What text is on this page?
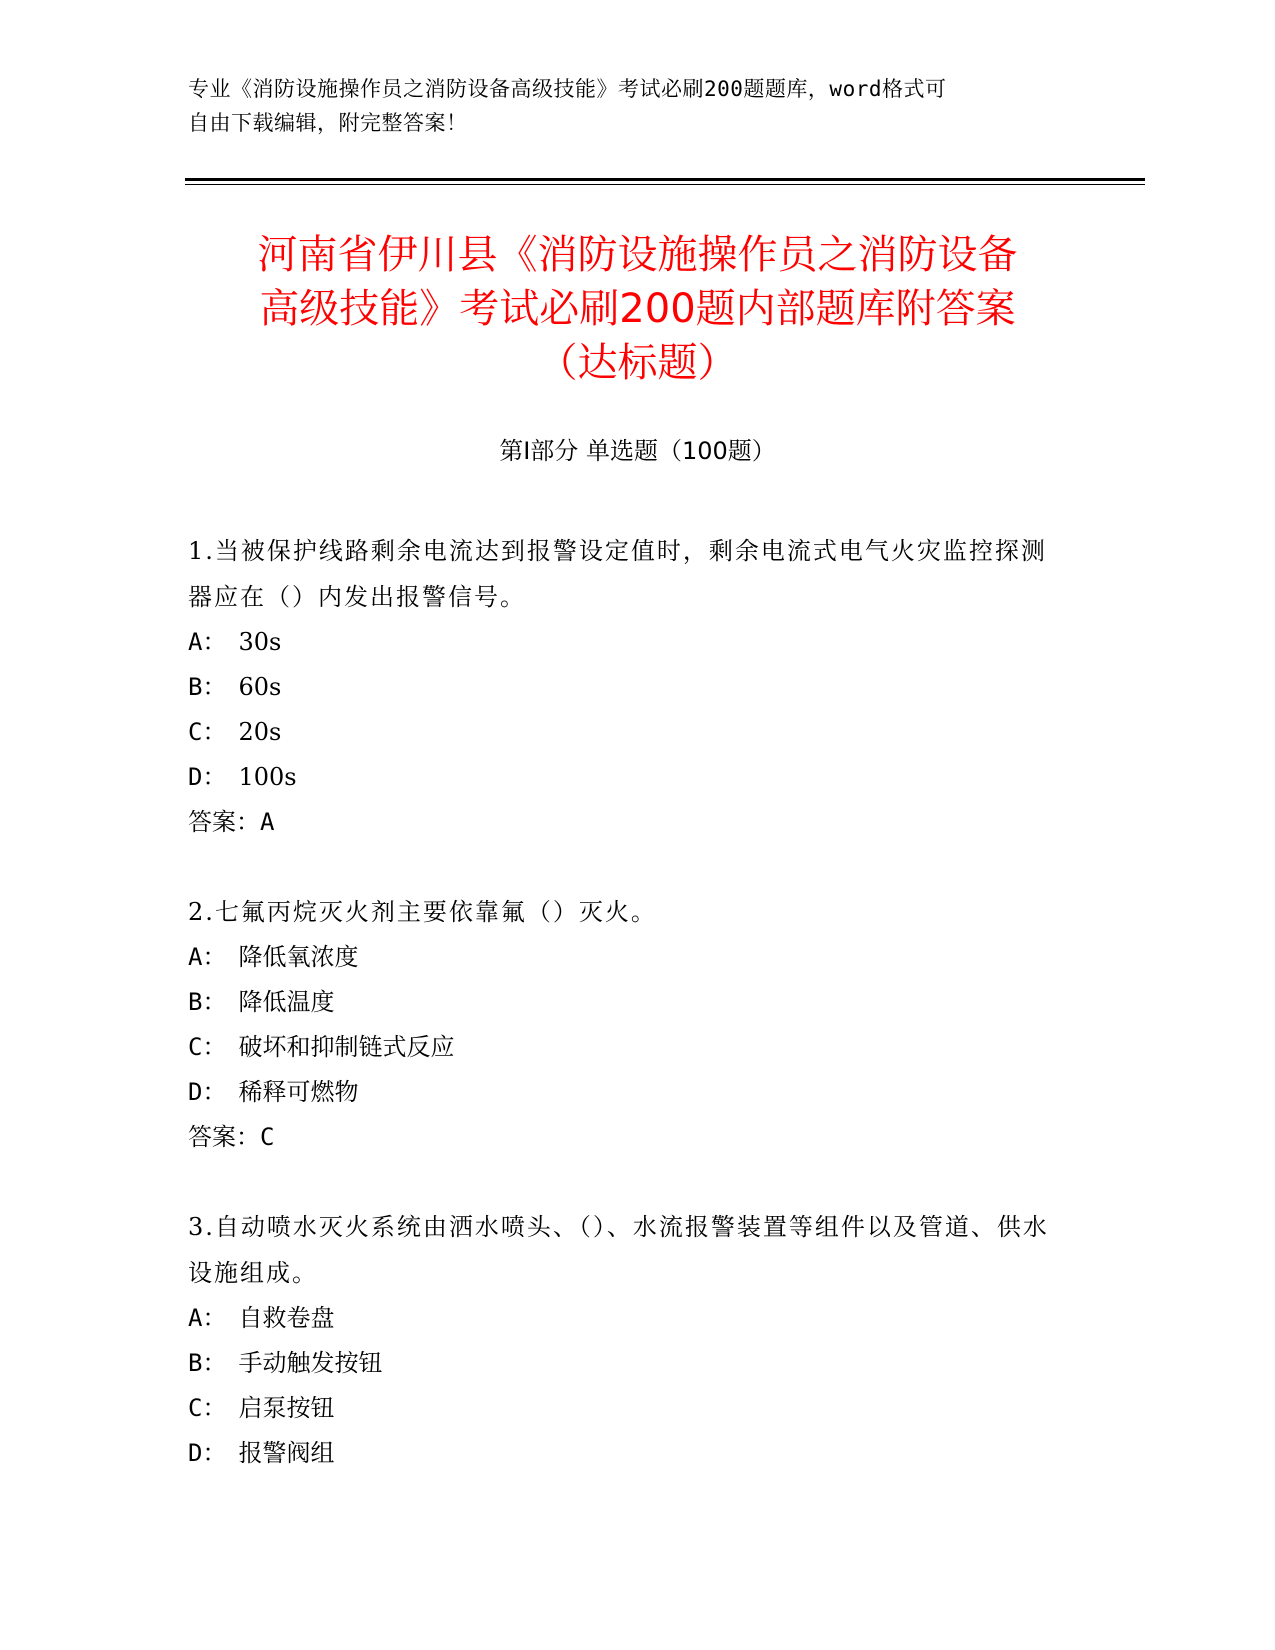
专业《消防设施操作员之消防设备高级技能》考试必刷200题题库，word格式可
自由下载编辑，附完整答案！
河南省伊川县《消防设施操作员之消防设备
高级技能》考试必刷200题内部题库附答案
（达标题）
第Ⅰ部分 单选题（100题）
1.当被保护线路剩余电流达到报警设定值时，剩余电流式电气火灾监控探测器应在（）内发出报警信号。
A： 30s
B： 60s
C： 20s
D： 100s
答案：A
2.七氟丙烷灭火剂主要依靠氟（）灭火。
A： 降低氧浓度
B： 降低温度
C： 破坏和抑制链式反应
D： 稀释可燃物
答案：C
3.自动喷水灭火系统由洒水喷头、（）、水流报警装置等组件以及管道、供水设施组成。
A： 自救卷盘
B： 手动触发按钮
C： 启泵按钮
D： 报警阀组
